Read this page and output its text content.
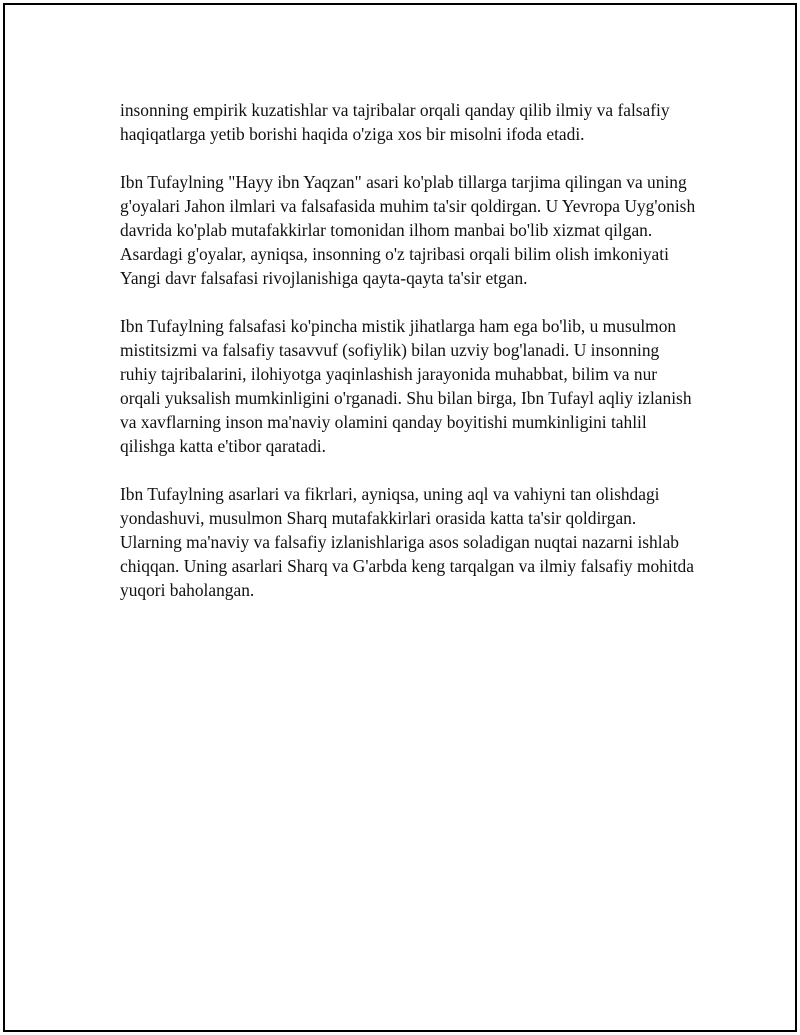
insonning empirik kuzatishlar va tajribalar orqali qanday qilib ilmiy va falsafiy haqiqatlarga yetib borishi haqida o'ziga xos bir misolni ifoda etadi.

Ibn Tufaylning "Hayy ibn Yaqzan" asari ko'plab tillarga tarjima qilingan va uning g'oyalari Jahon ilmlari va falsafasida muhim ta'sir qoldirgan. U Yevropa Uyg'onish davrida ko'plab mutafakkirlar tomonidan ilhom manbai bo'lib xizmat qilgan. Asardagi g'oyalar, ayniqsa, insonning o'z tajribasi orqali bilim olish imkoniyati Yangi davr falsafasi rivojlanishiga qayta-qayta ta'sir etgan.

Ibn Tufaylning falsafasi ko'pincha mistik jihatlarga ham ega bo'lib, u musulmon mistitsizmi va falsafiy tasavvuf (sofiylik) bilan uzviy bog'lanadi. U insonning ruhiy tajribalarini, ilohiyotga yaqinlashish jarayonida muhabbat, bilim va nur orqali yuksalish mumkinligini o'rganadi. Shu bilan birga, Ibn Tufayl aqliy izlanish va xavflarning inson ma'naviy olamini qanday boyitishi mumkinligini tahlil qilishga katta e'tibor qaratadi.

Ibn Tufaylning asarlari va fikrlari, ayniqsa, uning aql va vahiyni tan olishdagi yondashuvi, musulmon Sharq mutafakkirlari orasida katta ta'sir qoldirgan. Ularning ma'naviy va falsafiy izlanishlariga asos soladigan nuqtai nazarni ishlab chiqqan. Uning asarlari Sharq va G'arbda keng tarqalgan va ilmiy falsafiy mohitda yuqori baholangan.
